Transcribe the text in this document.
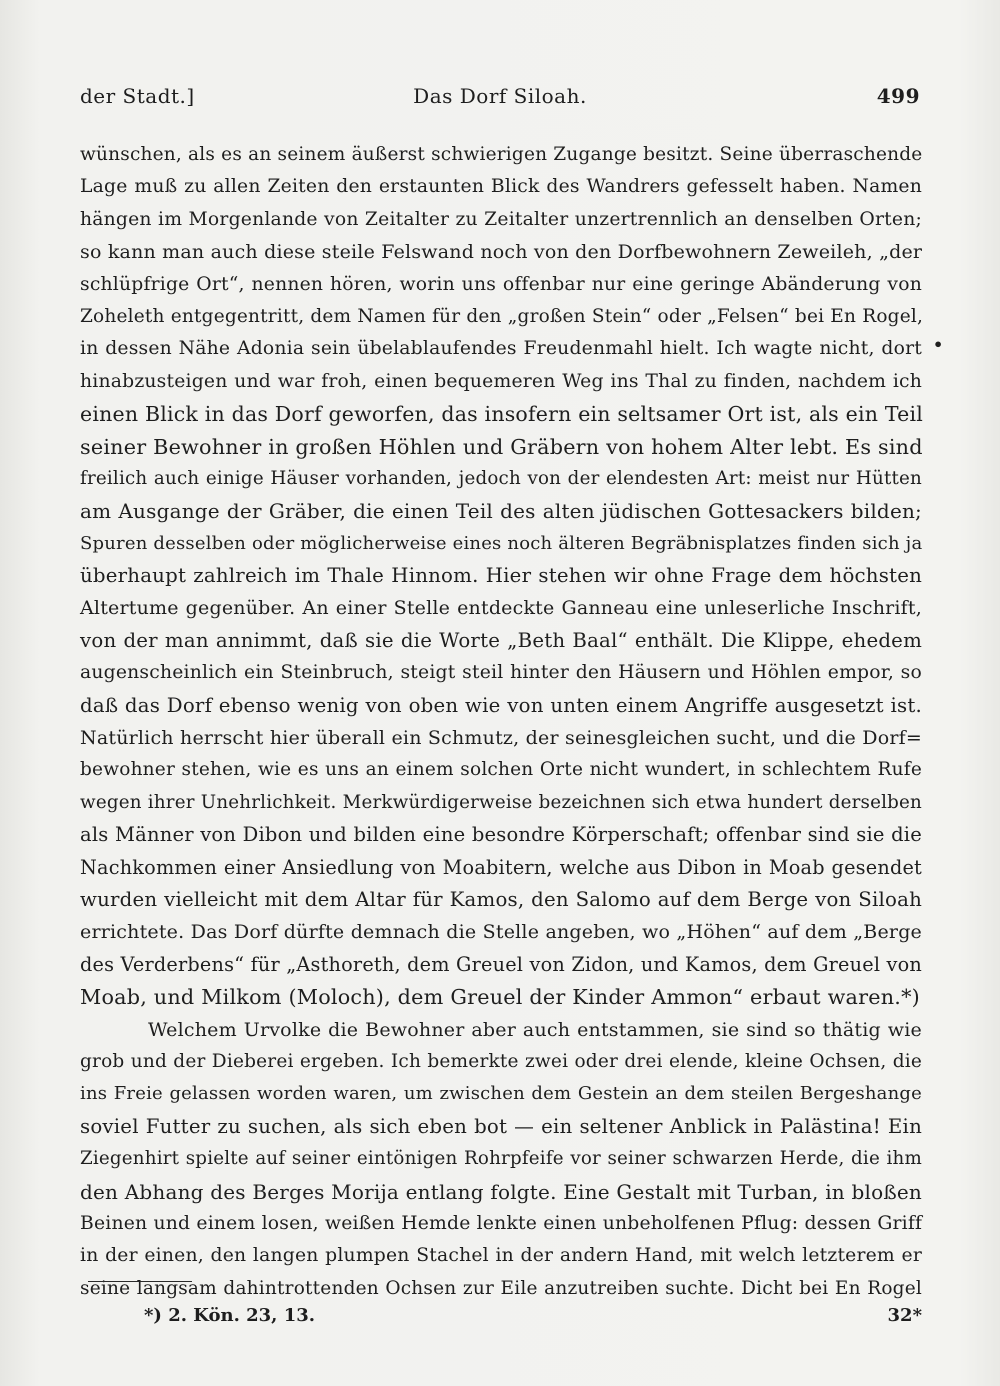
der Stadt.]	Das Dorf Siloah.	499
wünschen, als es an seinem äußerst schwierigen Zugange besitzt. Seine überraschende
Lage muß zu allen Zeiten den erstaunten Blick des Wandrers gefesselt haben. Namen
hängen im Morgenlande von Zeitalter zu Zeitalter unzertrennlich an denselben Orten;
so kann man auch diese steile Felswand noch von den Dorfbewohnern Zeweileh, „der
schlüpfrige Ort“, nennen hören, worin uns offenbar nur eine geringe Abänderung von
Zoheleth entgegentritt, dem Namen für den „großen Stein“ oder „Felsen“ bei En Rogel,
in dessen Nähe Adonia sein übelablaufendes Freudenmahl hielt. Ich wagte nicht, dort
hinabzusteigen und war froh, einen bequemeren Weg ins Thal zu finden, nachdem ich
einen Blick in das Dorf geworfen, das insofern ein seltsamer Ort ist, als ein Teil
seiner Bewohner in großen Höhlen und Gräbern von hohem Alter lebt. Es sind
freilich auch einige Häuser vorhanden, jedoch von der elendesten Art: meist nur Hütten
am Ausgange der Gräber, die einen Teil des alten jüdischen Gottesackers bilden;
Spuren desselben oder möglicherweise eines noch älteren Begräbnisplatzes finden sich ja
überhaupt zahlreich im Thale Hinnom. Hier stehen wir ohne Frage dem höchsten
Altertume gegenüber. An einer Stelle entdeckte Ganneau eine unleserliche Inschrift,
von der man annimmt, daß sie die Worte „Beth Baal“ enthält. Die Klippe, ehedem
augenscheinlich ein Steinbruch, steigt steil hinter den Häusern und Höhlen empor, so
daß das Dorf ebenso wenig von oben wie von unten einem Angriffe ausgesetzt ist.
Natürlich herrscht hier überall ein Schmutz, der seinesgleichen sucht, und die Dorf=
bewohner stehen, wie es uns an einem solchen Orte nicht wundert, in schlechtem Rufe
wegen ihrer Unehrlichkeit. Merkwürdigerweise bezeichnen sich etwa hundert derselben
als Männer von Dibon und bilden eine besondre Körperschaft; offenbar sind sie die
Nachkommen einer Ansiedlung von Moabitern, welche aus Dibon in Moab gesendet
wurden vielleicht mit dem Altar für Kamos, den Salomo auf dem Berge von Siloah
errichtete. Das Dorf dürfte demnach die Stelle angeben, wo „Höhen“ auf dem „Berge
des Verderbens“ für „Asthoreth, dem Greuel von Zidon, und Kamos, dem Greuel von
Moab, und Milkom (Moloch), dem Greuel der Kinder Ammon“ erbaut waren.*)
Welchem Urvolke die Bewohner aber auch entstammen, sie sind so thätig wie
grob und der Dieberei ergeben. Ich bemerkte zwei oder drei elende, kleine Ochsen, die
ins Freie gelassen worden waren, um zwischen dem Gestein an dem steilen Bergeshange
soviel Futter zu suchen, als sich eben bot — ein seltener Anblick in Palästina! Ein
Ziegenhirt spielte auf seiner eintönigen Rohrpfeife vor seiner schwarzen Herde, die ihm
den Abhang des Berges Morija entlang folgte. Eine Gestalt mit Turban, in bloßen
Beinen und einem losen, weißen Hemde lenkte einen unbeholfenen Pflug: dessen Griff
in der einen, den langen plumpen Stachel in der andern Hand, mit welch letzterem er
seine langsam dahintrottenden Ochsen zur Eile anzutreiben suchte. Dicht bei En Rogel
•
*) 2. Kön. 23, 13.	32*
